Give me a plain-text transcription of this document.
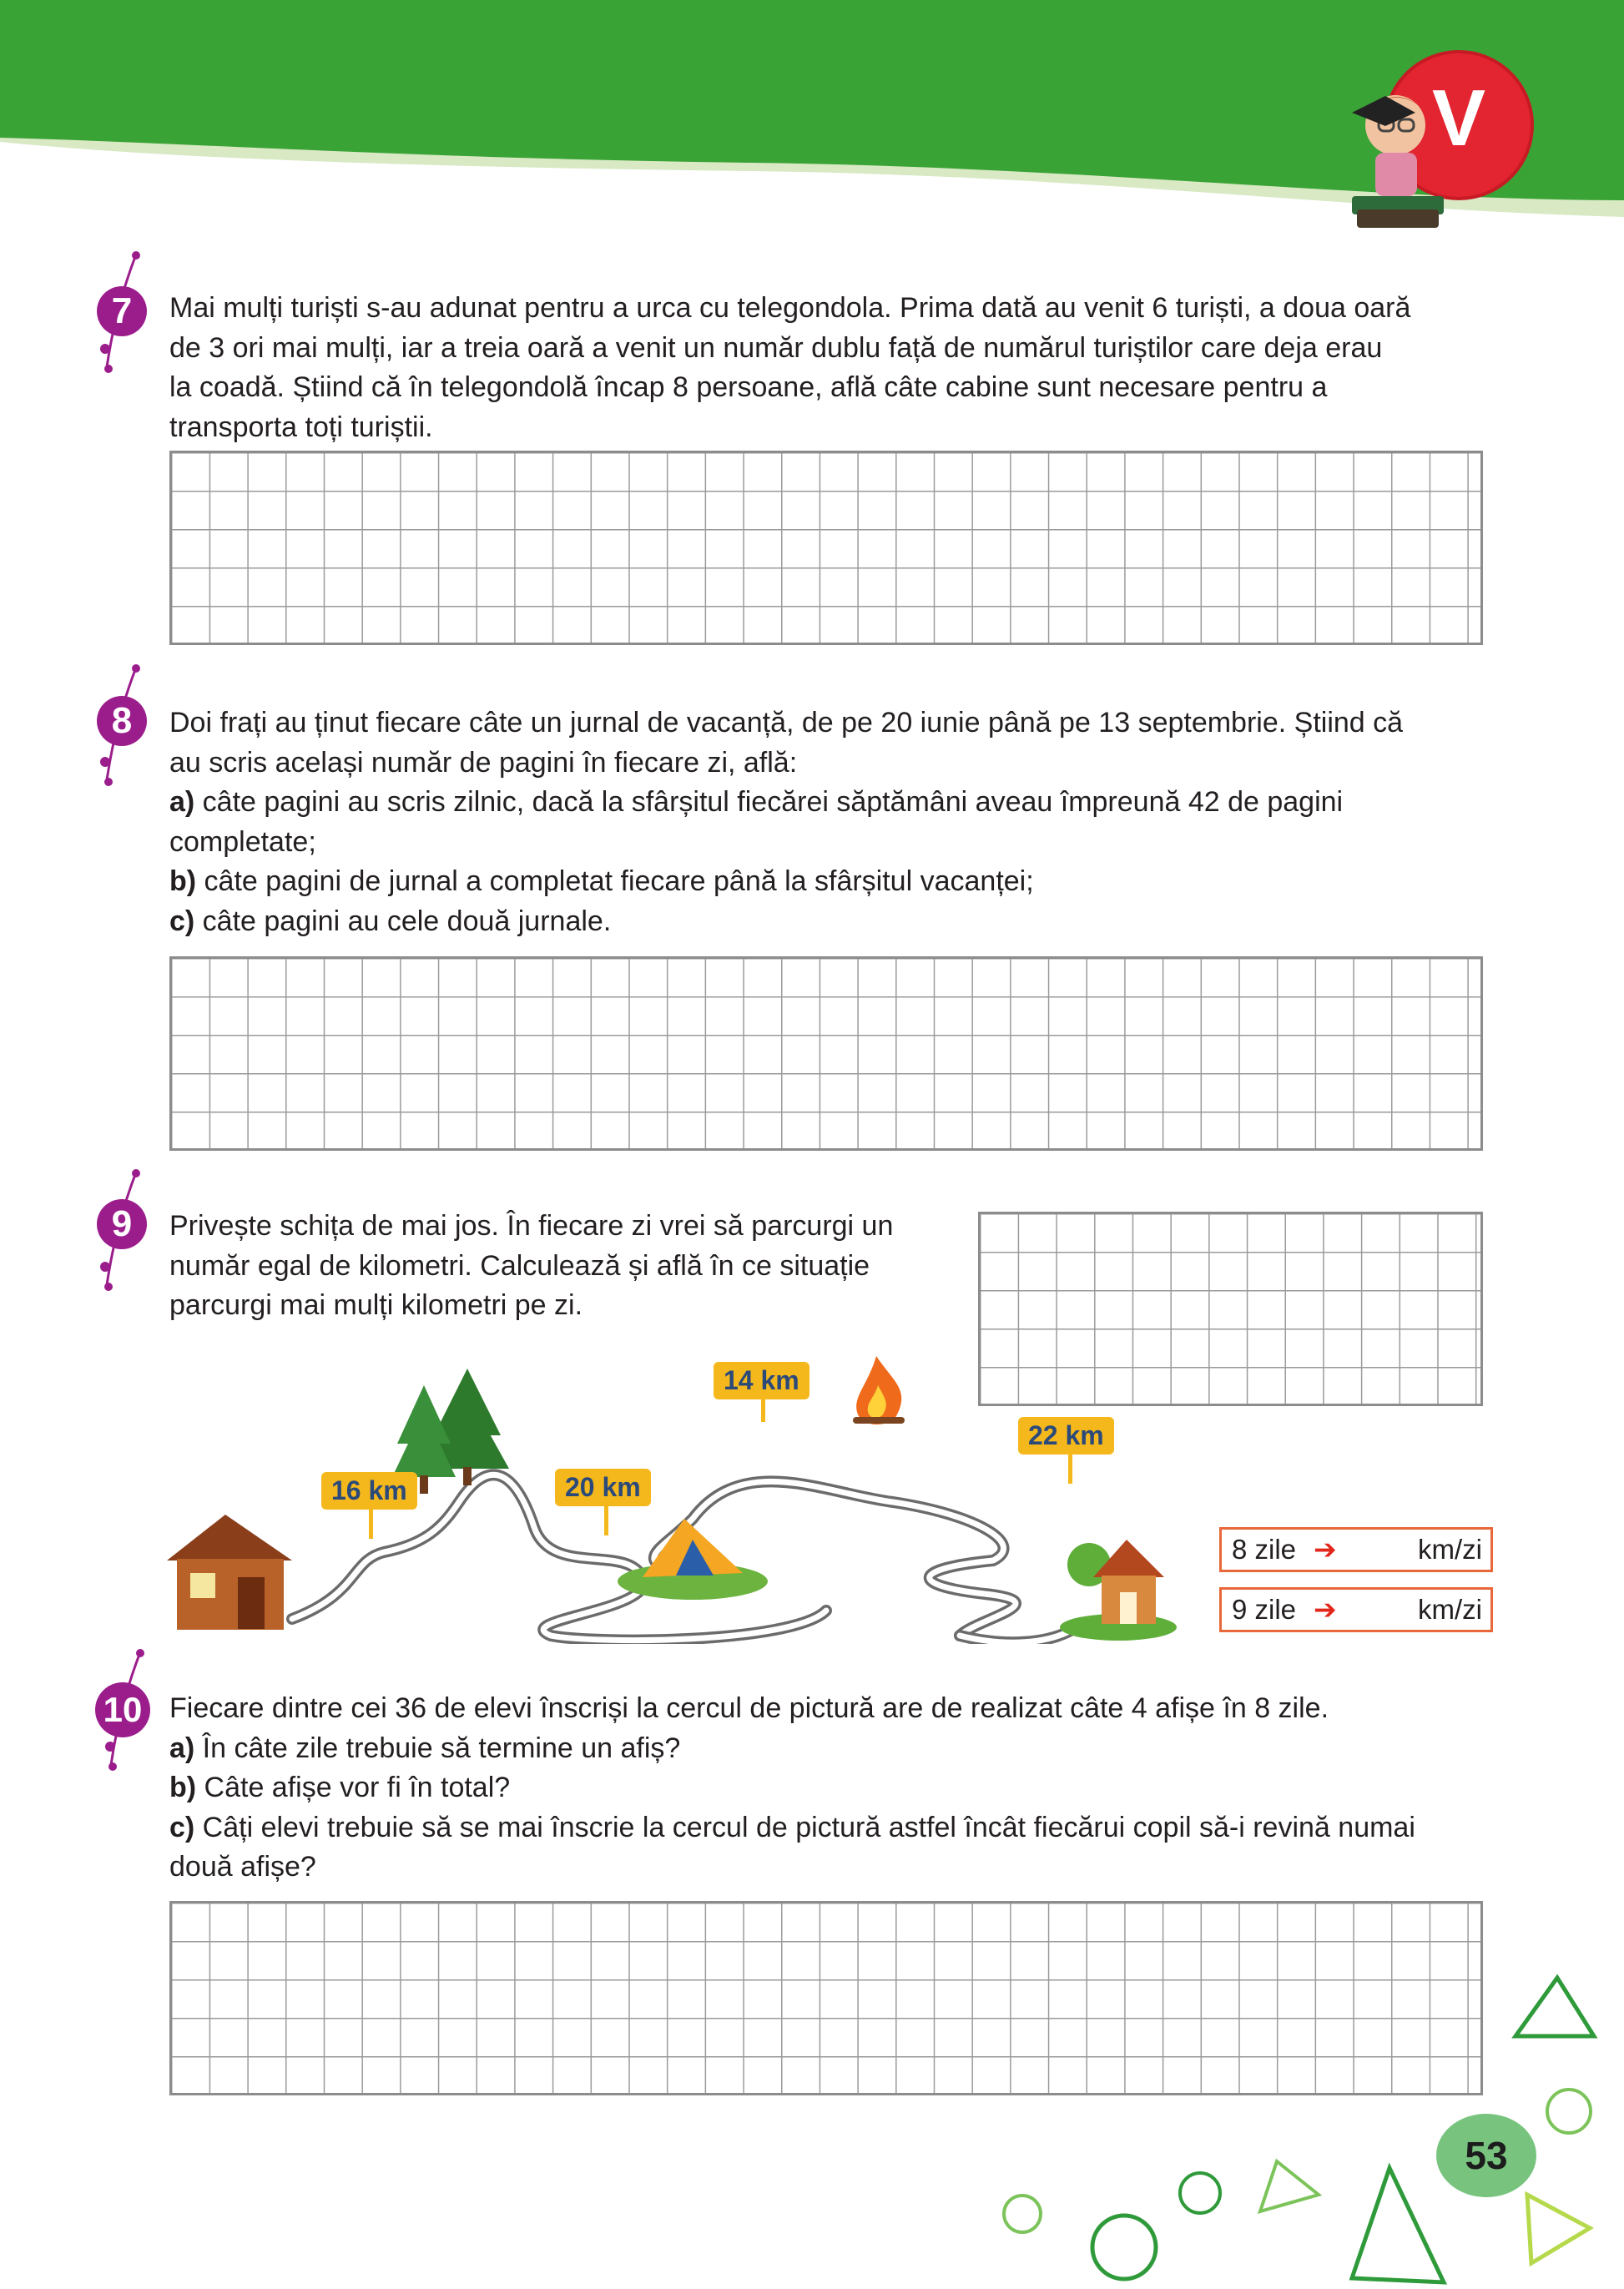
V
7	Mai mulți turiști s-au adunat pentru a urca cu telegondola. Prima dată au venit 6 turiști, a doua oară
de 3 ori mai mulți, iar a treia oară a venit un număr dublu față de numărul turiștilor care deja erau
la coadă. Știind că în telegondolă încap 8 persoane, află câte cabine sunt necesare pentru a
transporta toți turiștii.
8	Doi frați au ținut fiecare câte un jurnal de vacanță, de pe 20 iunie până pe 13 septembrie. Știind că
au scris același număr de pagini în fiecare zi, află:
a) câte pagini au scris zilnic, dacă la sfârșitul fiecărei săptămâni aveau împreună 42 de pagini
completate;
b) câte pagini de jurnal a completat fiecare până la sfârșitul vacanței;
c) câte pagini au cele două jurnale.
9	Privește schița de mai jos. În fiecare zi vrei să parcurgi un
număr egal de kilometri. Calculează și află în ce situație
parcurgi mai mulți kilometri pe zi.
16 km	20 km
14 km
22 km
8 zile ➔	km/zi
9 zile ➔	km/zi
10 Fiecare dintre cei 36 de elevi înscriși la cercul de pictură are de realizat câte 4 afișe în 8 zile.
a) În câte zile trebuie să termine un afiș?
b) Câte afișe vor fi în total?
c) Câți elevi trebuie să se mai înscrie la cercul de pictură astfel încât fiecărui copil să-i revină numai
două afișe?
53
